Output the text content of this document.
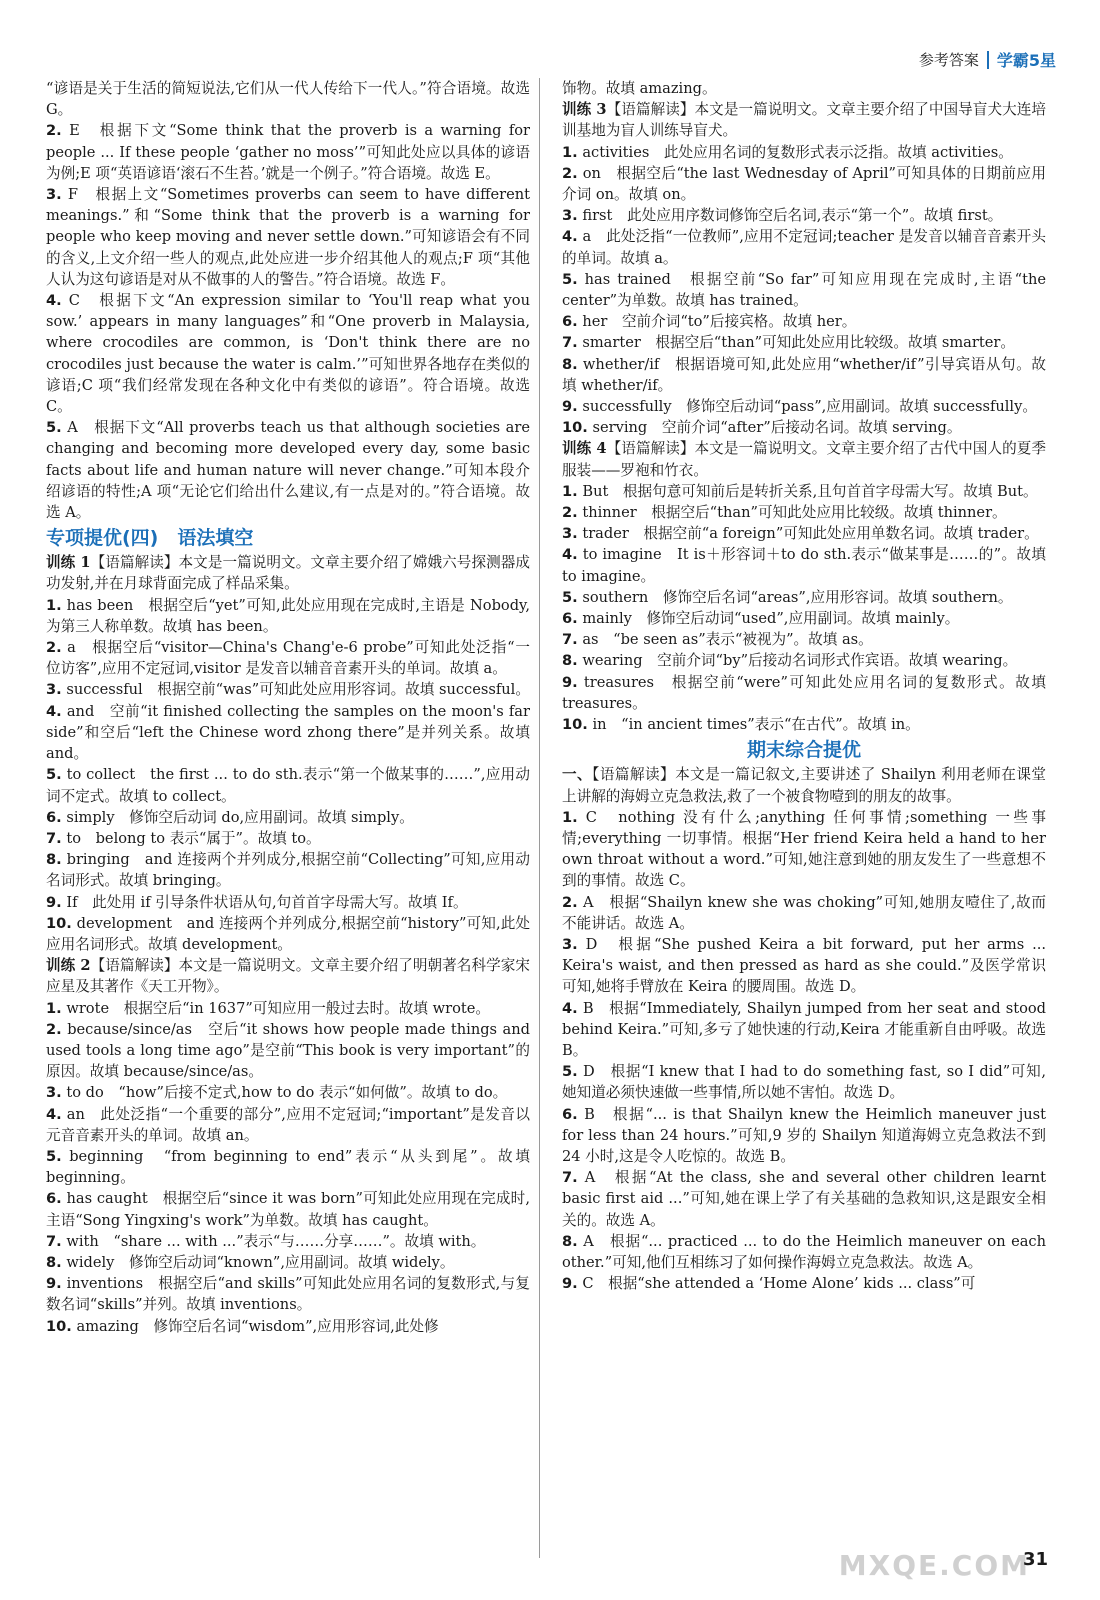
参考答案 学霸5星

“谚语是关于生活的简短说法,它们从一代人传给下一代人。”符合语境。故选 G。

2. E　根据下文“Some think that the proverb is a warning for people ... If these people ‘gather no moss’”可知此处应以具体的谚语为例;E 项“英语谚语‘滚石不生苔。’就是一个例子。”符合语境。故选 E。

3. F　根据上文“Sometimes proverbs can seem to have different meanings.”和“Some think that the proverb is a warning for people who keep moving and never settle down.”可知谚语会有不同的含义,上文介绍一些人的观点,此处应进一步介绍其他人的观点;F 项“其他人认为这句谚语是对从不做事的人的警告。”符合语境。故选 F。

4. C　根据下文“An expression similar to ‘You'll reap what you sow.’ appears in many languages”和“One proverb in Malaysia, where crocodiles are common, is ‘Don't think there are no crocodiles just because the water is calm.’”可知世界各地存在类似的谚语;C 项“我们经常发现在各种文化中有类似的谚语”。符合语境。故选 C。

5. A　根据下文“All proverbs teach us that although societies are changing and becoming more developed every day, some basic facts about life and human nature will never change.”可知本段介绍谚语的特性;A 项“无论它们给出什么建议,有一点是对的。”符合语境。故选 A。

专项提优(四)　语法填空

训练 1【语篇解读】本文是一篇说明文。文章主要介绍了嫦娥六号探测器成功发射,并在月球背面完成了样品采集。

1. has been　根据空后“yet”可知,此处应用现在完成时,主语是 Nobody,为第三人称单数。故填 has been。

2. a　根据空后“visitor—China's Chang'e-6 probe”可知此处泛指“一位访客”,应用不定冠词,visitor 是发音以辅音音素开头的单词。故填 a。

3. successful　根据空前“was”可知此处应用形容词。故填 successful。

4. and　空前“it finished collecting the samples on the moon's far side”和空后“left the Chinese word zhong there”是并列关系。故填 and。

5. to collect　the first ... to do sth.表示“第一个做某事的……”,应用动词不定式。故填 to collect。

6. simply　修饰空后动词 do,应用副词。故填 simply。

7. to　belong to 表示“属于”。故填 to。

8. bringing　and 连接两个并列成分,根据空前“Collecting”可知,应用动名词形式。故填 bringing。

9. If　此处用 if 引导条件状语从句,句首首字母需大写。故填 If。

10. development　and 连接两个并列成分,根据空前“history”可知,此处应用名词形式。故填 development。

训练 2【语篇解读】本文是一篇说明文。文章主要介绍了明朝著名科学家宋应星及其著作《天工开物》。

1. wrote　根据空后“in 1637”可知应用一般过去时。故填 wrote。

2. because/since/as　空后“it shows how people made things and used tools a long time ago”是空前“This book is very important”的原因。故填 because/since/as。

3. to do　“how”后接不定式,how to do 表示“如何做”。故填 to do。

4. an　此处泛指“一个重要的部分”,应用不定冠词;“important”是发音以元音音素开头的单词。故填 an。

5. beginning　“from beginning to end”表示“从头到尾”。故填 beginning。

6. has caught　根据空后“since it was born”可知此处应用现在完成时,主语“Song Yingxing's work”为单数。故填 has caught。

7. with　“share ... with ...”表示“与……分享……”。故填 with。

8. widely　修饰空后动词“known”,应用副词。故填 widely。

9. inventions　根据空后“and skills”可知此处应用名词的复数形式,与复数名词“skills”并列。故填 inventions。

10. amazing　修饰空后名词“wisdom”,应用形容词,此处修

饰物。故填 amazing。

训练 3【语篇解读】本文是一篇说明文。文章主要介绍了中国导盲犬大连培训基地为盲人训练导盲犬。

1. activities　此处应用名词的复数形式表示泛指。故填 activities。

2. on　根据空后“the last Wednesday of April”可知具体的日期前应用介词 on。故填 on。

3. first　此处应用序数词修饰空后名词,表示“第一个”。故填 first。

4. a　此处泛指“一位教师”,应用不定冠词;teacher 是发音以辅音音素开头的单词。故填 a。

5. has trained　根据空前“So far”可知应用现在完成时,主语“the center”为单数。故填 has trained。

6. her　空前介词“to”后接宾格。故填 her。

7. smarter　根据空后“than”可知此处应用比较级。故填 smarter。

8. whether/if　根据语境可知,此处应用“whether/if”引导宾语从句。故填 whether/if。

9. successfully　修饰空后动词“pass”,应用副词。故填 successfully。

10. serving　空前介词“after”后接动名词。故填 serving。

训练 4【语篇解读】本文是一篇说明文。文章主要介绍了古代中国人的夏季服装——罗袍和竹衣。

1. But　根据句意可知前后是转折关系,且句首首字母需大写。故填 But。

2. thinner　根据空后“than”可知此处应用比较级。故填 thinner。

3. trader　根据空前“a foreign”可知此处应用单数名词。故填 trader。

4. to imagine　It is＋形容词＋to do sth.表示“做某事是……的”。故填 to imagine。

5. southern　修饰空后名词“areas”,应用形容词。故填 southern。

6. mainly　修饰空后动词“used”,应用副词。故填 mainly。

7. as　“be seen as”表示“被视为”。故填 as。

8. wearing　空前介词“by”后接动名词形式作宾语。故填 wearing。

9. treasures　根据空前“were”可知此处应用名词的复数形式。故填 treasures。

10. in　“in ancient times”表示“在古代”。故填 in。

期末综合提优

一、【语篇解读】本文是一篇记叙文,主要讲述了 Shailyn 利用老师在课堂上讲解的海姆立克急救法,救了一个被食物噎到的朋友的故事。

1. C　nothing 没有什么;anything 任何事情;something 一些事情;everything 一切事情。根据“Her friend Keira held a hand to her own throat without a word.”可知,她注意到她的朋友发生了一些意想不到的事情。故选 C。

2. A　根据“Shailyn knew she was choking”可知,她朋友噎住了,故而不能讲话。故选 A。

3. D　根据“She pushed Keira a bit forward, put her arms ... Keira's waist, and then pressed as hard as she could.”及医学常识可知,她将手臂放在 Keira 的腰周围。故选 D。

4. B　根据“Immediately, Shailyn jumped from her seat and stood behind Keira.”可知,多亏了她快速的行动,Keira 才能重新自由呼吸。故选 B。

5. D　根据“I knew that I had to do something fast, so I did”可知,她知道必须快速做一些事情,所以她不害怕。故选 D。

6. B　根据“... is that Shailyn knew the Heimlich maneuver just for less than 24 hours.”可知,9 岁的 Shailyn 知道海姆立克急救法不到 24 小时,这是令人吃惊的。故选 B。

7. A　根据“At the class, she and several other children learnt basic first aid ...”可知,她在课上学了有关基础的急救知识,这是跟安全相关的。故选 A。

8. A　根据“... practiced ... to do the Heimlich maneuver on each other.”可知,他们互相练习了如何操作海姆立克急救法。故选 A。

9. C　根据“she attended a ‘Home Alone’ kids ... class”可

MXQE.COM
31
